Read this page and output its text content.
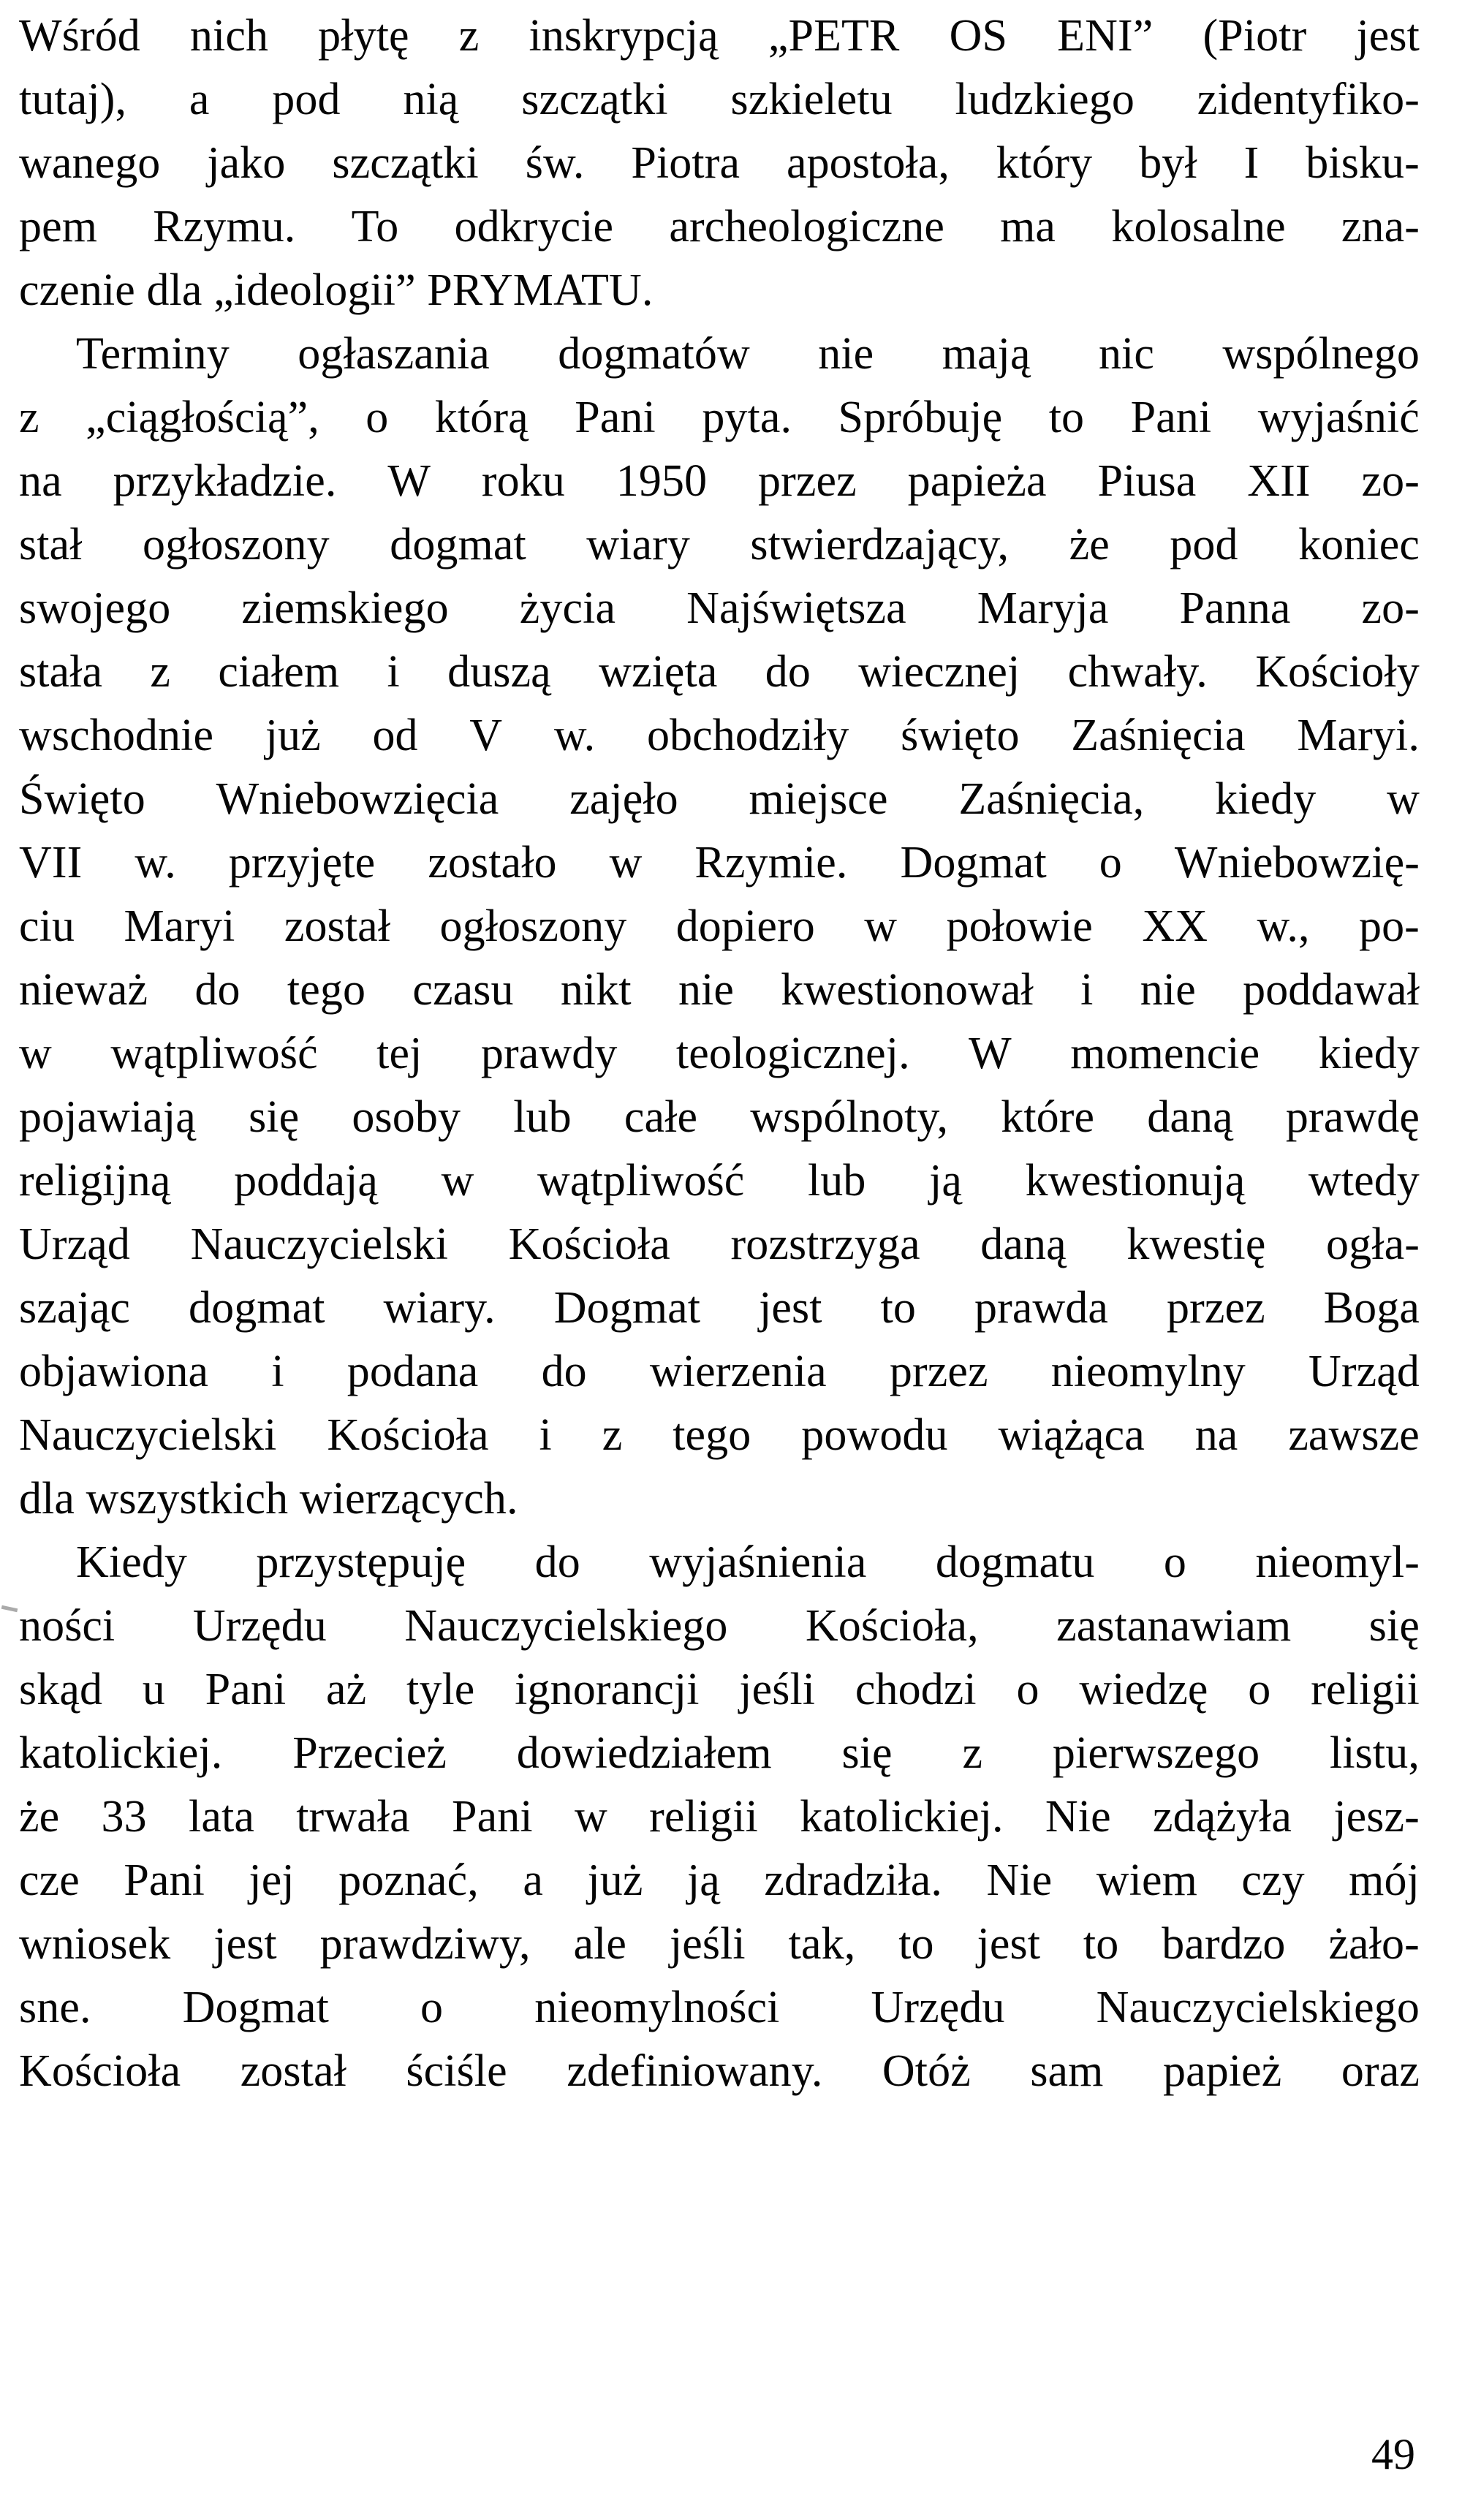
Wśród nich płytę z inskrypcją „PETR OS ENI” (Piotr jest
tutaj), a pod nią szczątki szkieletu ludzkiego zidentyfiko-
wanego jako szczątki św. Piotra apostoła, który był I bisku-
pem Rzymu. To odkrycie archeologiczne ma kolosalne zna-
czenie dla „ideologii” PRYMATU.
Terminy ogłaszania dogmatów nie mają nic wspólnego
z „ciągłością”, o którą Pani pyta. Spróbuję to Pani wyjaśnić
na przykładzie. W roku 1950 przez papieża Piusa XII zo-
stał ogłoszony dogmat wiary stwierdzający, że pod koniec
swojego ziemskiego życia Najświętsza Maryja Panna zo-
stała z ciałem i duszą wzięta do wiecznej chwały. Kościoły
wschodnie już od V w. obchodziły święto Zaśnięcia Maryi.
Święto Wniebowzięcia zajęło miejsce Zaśnięcia, kiedy w
VII w. przyjęte zostało w Rzymie. Dogmat o Wniebowzię-
ciu Maryi został ogłoszony dopiero w połowie XX w., po-
nieważ do tego czasu nikt nie kwestionował i nie poddawał
w wątpliwość tej prawdy teologicznej. W momencie kiedy
pojawiają się osoby lub całe wspólnoty, które daną prawdę
religijną poddają w wątpliwość lub ją kwestionują wtedy
Urząd Nauczycielski Kościoła rozstrzyga daną kwestię ogła-
szając dogmat wiary. Dogmat jest to prawda przez Boga
objawiona i podana do wierzenia przez nieomylny Urząd
Nauczycielski Kościoła i z tego powodu wiążąca na zawsze
dla wszystkich wierzących.
Kiedy przystępuję do wyjaśnienia dogmatu o nieomyl-
ności Urzędu Nauczycielskiego Kościoła, zastanawiam się
skąd u Pani aż tyle ignorancji jeśli chodzi o wiedzę o religii
katolickiej. Przecież dowiedziałem się z pierwszego listu,
że 33 lata trwała Pani w religii katolickiej. Nie zdążyła jesz-
cze Pani jej poznać, a już ją zdradziła. Nie wiem czy mój
wniosek jest prawdziwy, ale jeśli tak, to jest to bardzo żało-
sne. Dogmat o nieomylności Urzędu Nauczycielskiego
Kościoła został ściśle zdefiniowany. Otóż sam papież oraz
49
